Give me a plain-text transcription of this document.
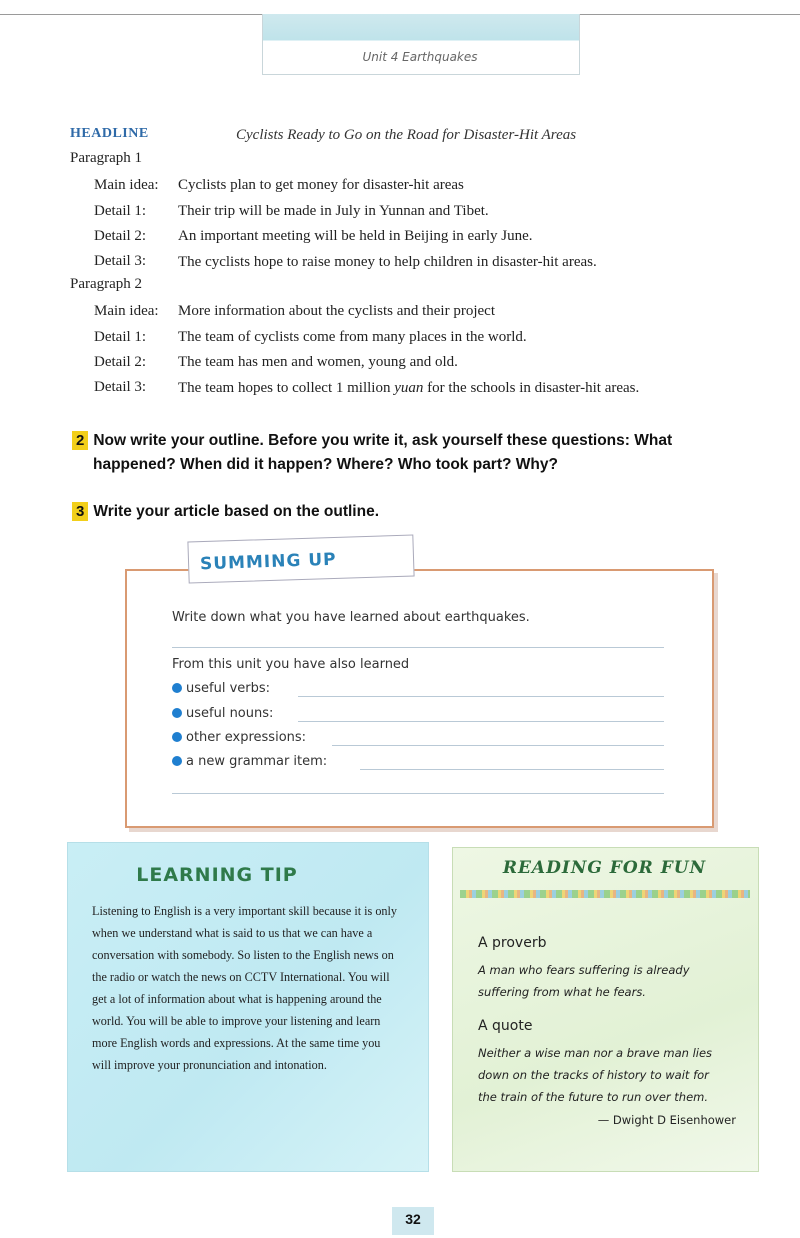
Unit 4 Earthquakes
HEADLINE	Cyclists Ready to Go on the Road for Disaster-Hit Areas
Paragraph 1
Main idea: Cyclists plan to get money for disaster-hit areas
Detail 1: Their trip will be made in July in Yunnan and Tibet.
Detail 2: An important meeting will be held in Beijing in early June.
Detail 3: The cyclists hope to raise money to help children in disaster-hit areas.
Paragraph 2
Main idea: More information about the cyclists and their project
Detail 1: The team of cyclists come from many places in the world.
Detail 2: The team has men and women, young and old.
Detail 3: The team hopes to collect 1 million yuan for the schools in disaster-hit areas.
2 Now write your outline. Before you write it, ask yourself these questions: What
happened? When did it happen? Where? Who took part? Why?
3 Write your article based on the outline.
SUMMING UP
Write down what you have learned about earthquakes.
From this unit you have also learned
useful verbs:
useful nouns:
other expressions:
a new grammar item:
LEARNING TIP
Listening to English is a very important skill because it is only when we understand what is said to us that we can have a conversation with somebody. So listen to the English news on the radio or watch the news on CCTV International. You will get a lot of information about what is happening around the world. You will be able to improve your listening and learn more English words and expressions. At the same time you will improve your pronunciation and intonation.
READING FOR FUN
A proverb
A man who fears suffering is already
suffering from what he fears.
A quote
Neither a wise man nor a brave man lies
down on the tracks of history to wait for
the train of the future to run over them.
— Dwight D Eisenhower
32
